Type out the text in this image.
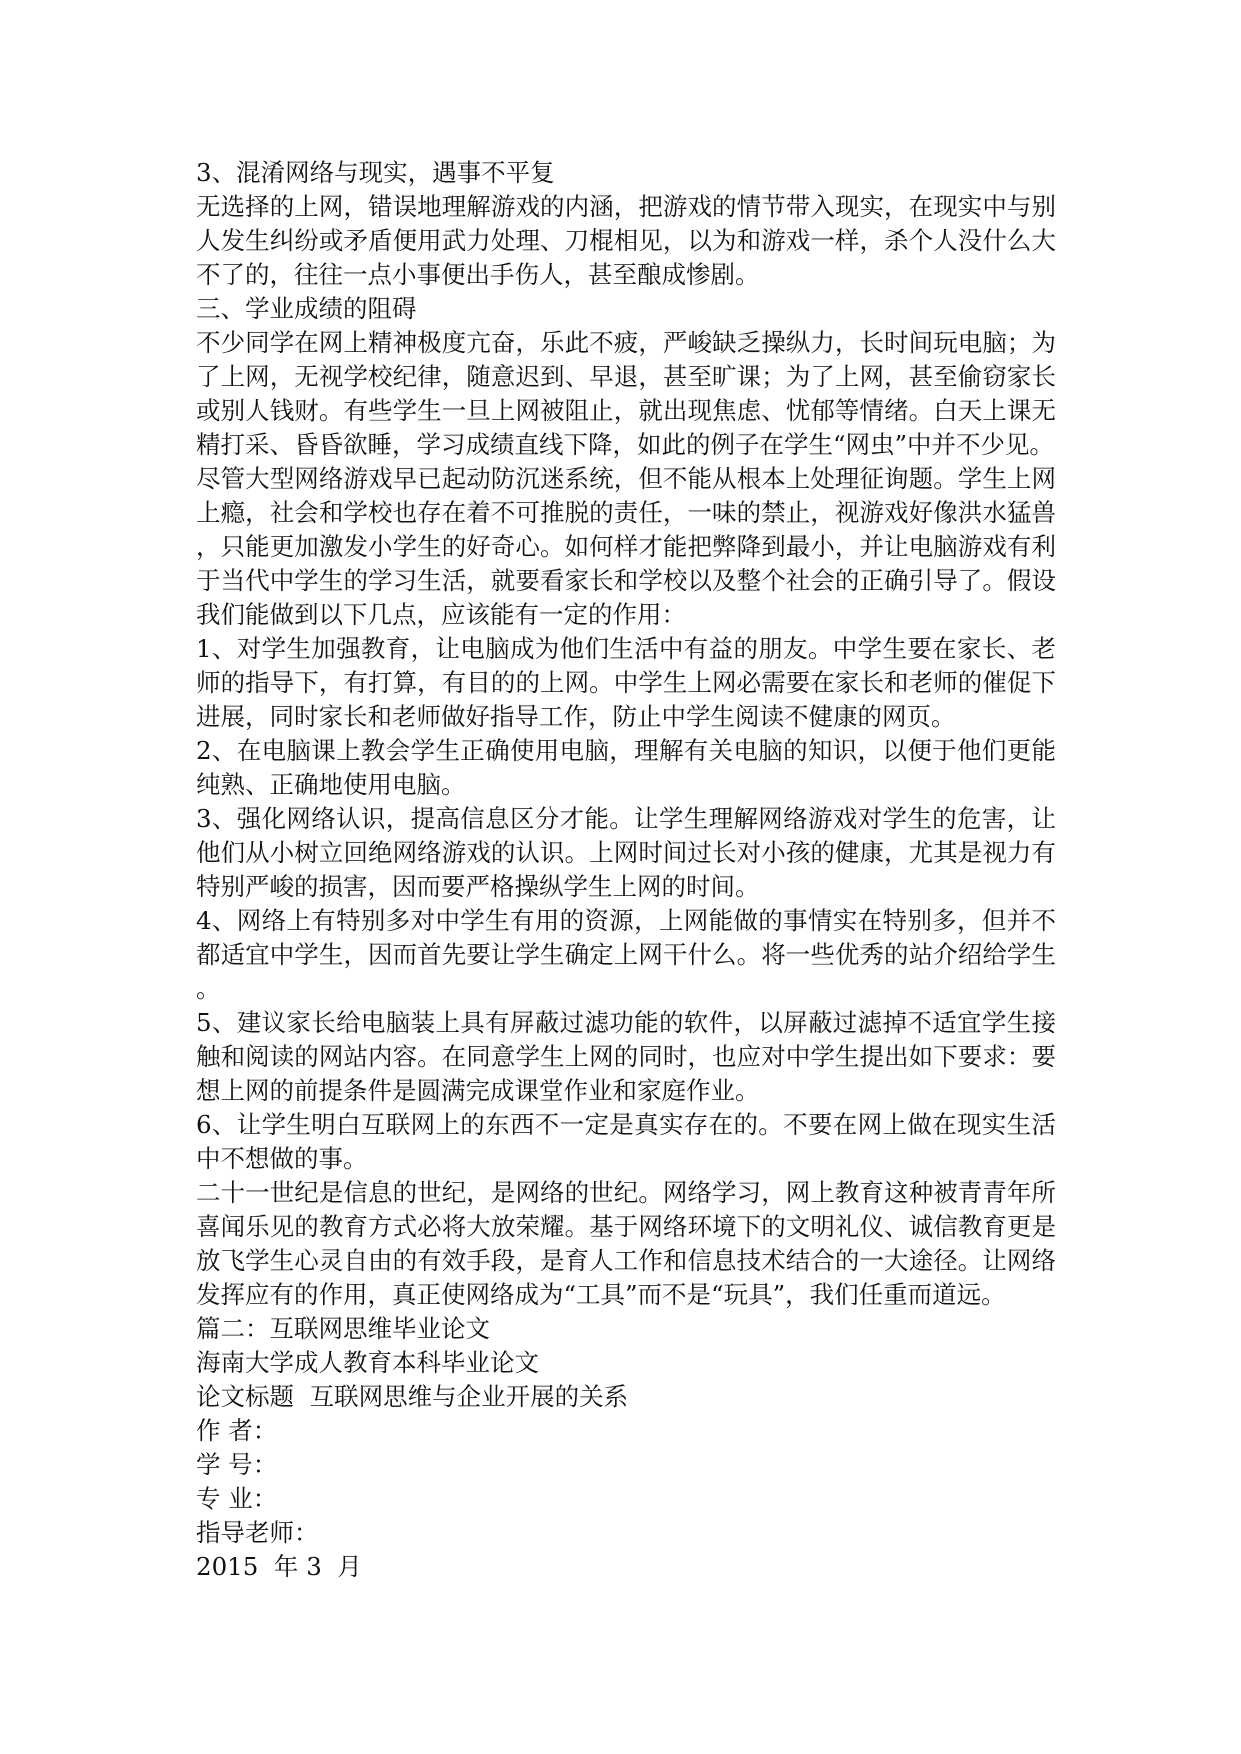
3、混淆网络与现实，遇事不平复

无选择的上网，错误地理解游戏的内涵，把游戏的情节带入现实，在现实中与别人发生纠纷或矛盾便用武力处理、刀棍相见，以为和游戏一样，杀个人没什么大不了的，往往一点小事便出手伤人，甚至酿成惨剧。

三、学业成绩的阻碍

不少同学在网上精神极度亢奋，乐此不疲，严峻缺乏操纵力，长时间玩电脑；为了上网，无视学校纪律，随意迟到、早退，甚至旷课；为了上网，甚至偷窃家长或别人钱财。有些学生一旦上网被阻止，就出现焦虑、忧郁等情绪。白天上课无精打采、昏昏欲睡，学习成绩直线下降，如此的例子在学生“网虫”中并不少见。

尽管大型网络游戏早已起动防沉迷系统，但不能从根本上处理征询题。学生上网上瘾，社会和学校也存在着不可推脱的责任，一味的禁止，视游戏好像洪水猛兽，只能更加激发小学生的好奇心。如何样才能把弊降到最小，并让电脑游戏有利于当代中学生的学习生活，就要看家长和学校以及整个社会的正确引导了。假设我们能做到以下几点，应该能有一定的作用：

1、对学生加强教育，让电脑成为他们生活中有益的朋友。中学生要在家长、老师的指导下，有打算，有目的的上网。中学生上网必需要在家长和老师的催促下进展，同时家长和老师做好指导工作，防止中学生阅读不健康的网页。

2、在电脑课上教会学生正确使用电脑，理解有关电脑的知识，以便于他们更能纯熟、正确地使用电脑。

3、强化网络认识，提高信息区分才能。让学生理解网络游戏对学生的危害，让他们从小树立回绝网络游戏的认识。上网时间过长对小孩的健康，尤其是视力有特别严峻的损害，因而要严格操纵学生上网的时间。

4、网络上有特别多对中学生有用的资源，上网能做的事情实在特别多，但并不都适宜中学生，因而首先要让学生确定上网干什么。将一些优秀的站介绍给学生。

5、建议家长给电脑装上具有屏蔽过滤功能的软件，以屏蔽过滤掉不适宜学生接触和阅读的网站内容。在同意学生上网的同时，也应对中学生提出如下要求：要想上网的前提条件是圆满完成课堂作业和家庭作业。

6、让学生明白互联网上的东西不一定是真实存在的。不要在网上做在现实生活中不想做的事。

二十一世纪是信息的世纪，是网络的世纪。网络学习，网上教育这种被青青年所喜闻乐见的教育方式必将大放荣耀。基于网络环境下的文明礼仪、诚信教育更是放飞学生心灵自由的有效手段，是育人工作和信息技术结合的一大途径。让网络发挥应有的作用，真正使网络成为“工具”而不是“玩具”，我们任重而道远。

篇二：互联网思维毕业论文

海南大学成人教育本科毕业论文

论文标题  互联网思维与企业开展的关系

作 者：

学 号：

专 业：

指导老师：

2015  年 3  月
